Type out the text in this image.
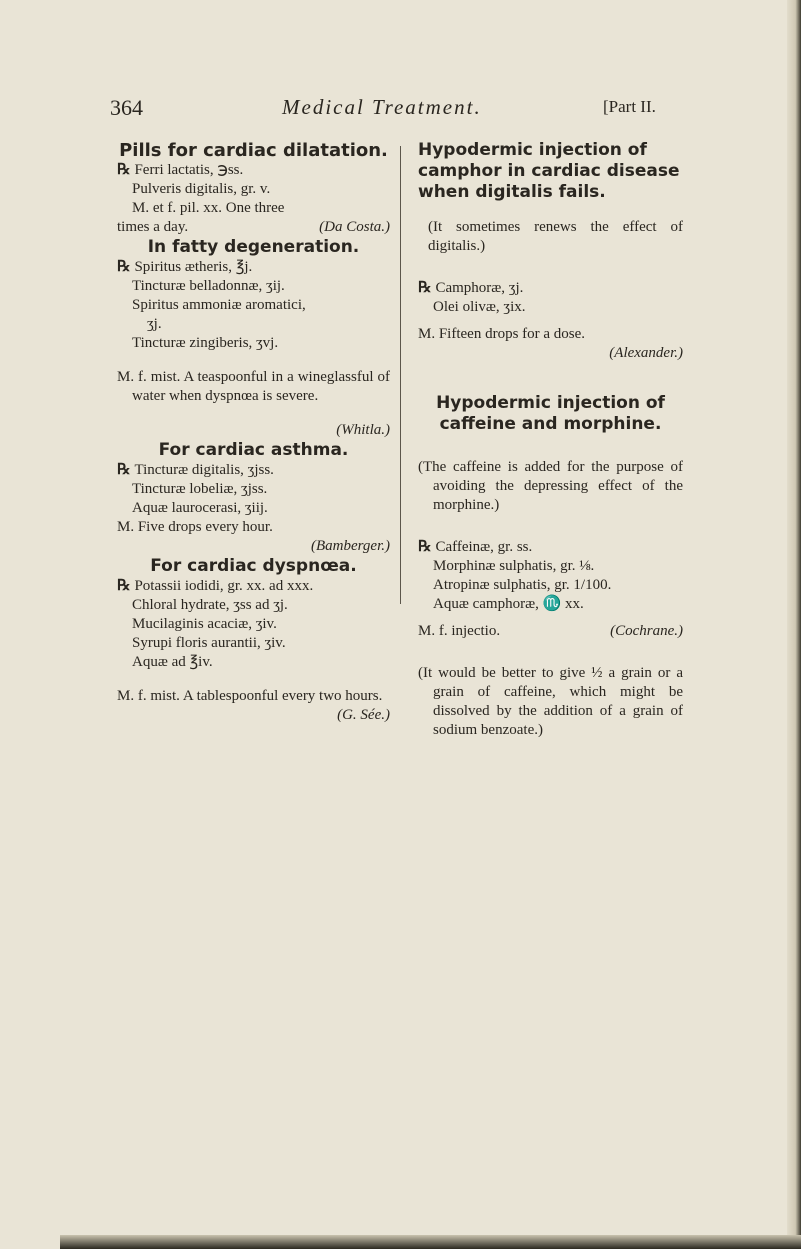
364	Medical Treatment.	[Part II.

Pills for cardiac dilatation.

℞ Ferri lactatis, ℈ss.

Pulveris digitalis, gr. v.

M. et f. pil. xx. One three

times a day.	(Da Costa.)

In fatty degeneration.

℞ Spiritus ætheris, ℥j.

Tincturæ belladonnæ, ʒij.

Spiritus ammoniæ aromatici,

ʒj.

Tincturæ zingiberis, ʒvj.

M. f. mist. A teaspoonful in a wineglassful of water when dyspnœa is severe.

(Whitla.)

For cardiac asthma.

℞ Tincturæ digitalis, ʒjss.

Tincturæ lobeliæ, ʒjss.

Aquæ laurocerasi, ʒiij.

M. Five drops every hour.

(Bamberger.)

For cardiac dyspnœa.

℞ Potassii iodidi, gr. xx. ad xxx.

Chloral hydrate, ʒss ad ʒj.

Mucilaginis acaciæ, ʒiv.

Syrupi floris aurantii, ʒiv.

Aquæ ad ℥iv.

M. f. mist. A tablespoonful every two hours.
(G. Sée.)

Hypodermic injection of camphor in cardiac disease when digitalis fails.

(It sometimes renews the effect of digitalis.)

℞ Camphoræ, ʒj.

Olei olivæ, ʒix.

M. Fifteen drops for a dose.

(Alexander.)

Hypodermic injection of caffeine and morphine.

(The caffeine is added for the purpose of avoiding the depressing effect of the morphine.)

℞ Caffeinæ, gr. ss.

Morphinæ sulphatis, gr. ⅛.

Atropinæ sulphatis, gr. 1/100.

Aquæ camphoræ, ♏ xx.

M. f. injectio.	(Cochrane.)

(It would be better to give ½ a grain or a grain of caffeine, which might be dissolved by the addition of a grain of sodium benzoate.)
